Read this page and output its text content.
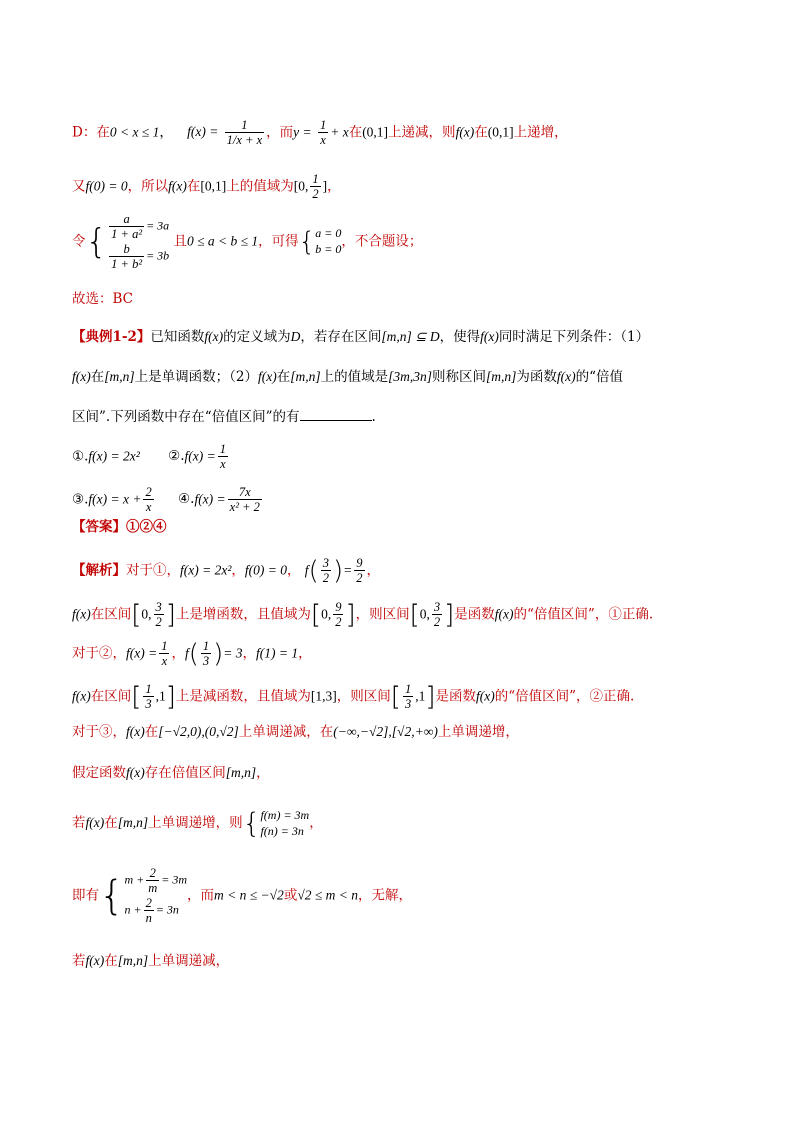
D：在0 < x ≤ 1， $f(x) = \frac{1}{1/x + x}$ ，而$y = \frac{1}{x} + x$在(0,1]上递减，则f(x)在(0,1]上递增，
又f(0) = 0，所以f(x)在[0,1]上的值域为[0, $\frac{1}{2}$ ]，
令{ $\frac{a}{\text{1 + a²}} = 3a$
$\frac{b}{\text{1 + b²}} = 3b$
且0 ≤ a < b ≤ 1，可得{ a = 0
b = 0 ，不合题设；
故选：BC
【典例1-2】已知函数f(x)的定义域为D，若存在区间[m,n] ⊆ D，使得f(x)同时满足下列条件：（1）
f(x)在[m,n]上是单调函数；（2）f(x)在[m,n]上的值域是[3m,3n]则称区间[m,n]为函数f(x)的“倍值
区间”.下列函数中存在“倍值区间”的有	.
①.f(x) = 2x² ②.f(x) = $\frac{1}{x}$
③.f(x) = $x + \frac{2}{x}$ ④.f(x) = $\frac{7x}{\text{x² + 2}}$
【答案】①②④
【解析】对于①，f(x) = 2x²，f(0) = 0， $f( \frac{3}{2}$ )= $\frac{9}{2}$ ，
f(x)在区间[0, $\frac{3}{2}$ ]上是增函数，且值域为[0, $\frac{9}{2}$ ]，则区间[0, $\frac{3}{2}$ ]是函数f(x)的“倍值区间”，①正确.
对于②，$f(x) = \frac{1}{x}$ ，$f( \frac{1}{3}$ )= 3，f(1) = 1，
f(x)在区间[ $\frac{1}{3} ,1$]上是减函数，且值域为[1,3]，则区间[ $\frac{1}{3} ,1$]是函数f(x)的“倍值区间”，②正确.
对于③，f(x)在[−√2,0),(0,√2]上单调递减，在(−∞,−√2],[√2,+∞)上单调递增，
假定函数f(x)存在倍值区间[m,n]，
若f(x)在[m,n]上单调递增，则{ f(m) = 3m
f(n) = 3n ，
即有{ $m + \frac{2}{m} = 3m$
$n + \frac{2}{n} = 3n$
，而m < n ≤ −√2或√2 ≤ m < n，无解，
若f(x)在[m,n]上单调递减，
